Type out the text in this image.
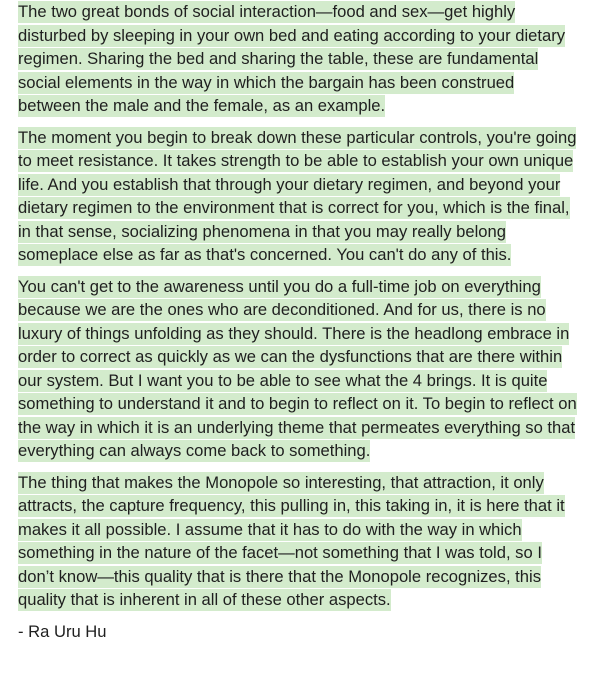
The two great bonds of social interaction—food and sex—get highly disturbed by sleeping in your own bed and eating according to your dietary regimen. Sharing the bed and sharing the table, these are fundamental social elements in the way in which the bargain has been construed between the male and the female, as an example.

The moment you begin to break down these particular controls, you're going to meet resistance. It takes strength to be able to establish your own unique life. And you establish that through your dietary regimen, and beyond your dietary regimen to the environment that is correct for you, which is the final, in that sense, socializing phenomena in that you may really belong someplace else as far as that's concerned. You can't do any of this.

You can't get to the awareness until you do a full-time job on everything because we are the ones who are deconditioned. And for us, there is no luxury of things unfolding as they should. There is the headlong embrace in order to correct as quickly as we can the dysfunctions that are there within our system. But I want you to be able to see what the 4 brings. It is quite something to understand it and to begin to reflect on it. To begin to reflect on the way in which it is an underlying theme that permeates everything so that everything can always come back to something.

The thing that makes the Monopole so interesting, that attraction, it only attracts, the capture frequency, this pulling in, this taking in, it is here that it makes it all possible. I assume that it has to do with the way in which something in the nature of the facet—not something that I was told, so I don’t know—this quality that is there that the Monopole recognizes, this quality that is inherent in all of these other aspects.

- Ra Uru Hu
